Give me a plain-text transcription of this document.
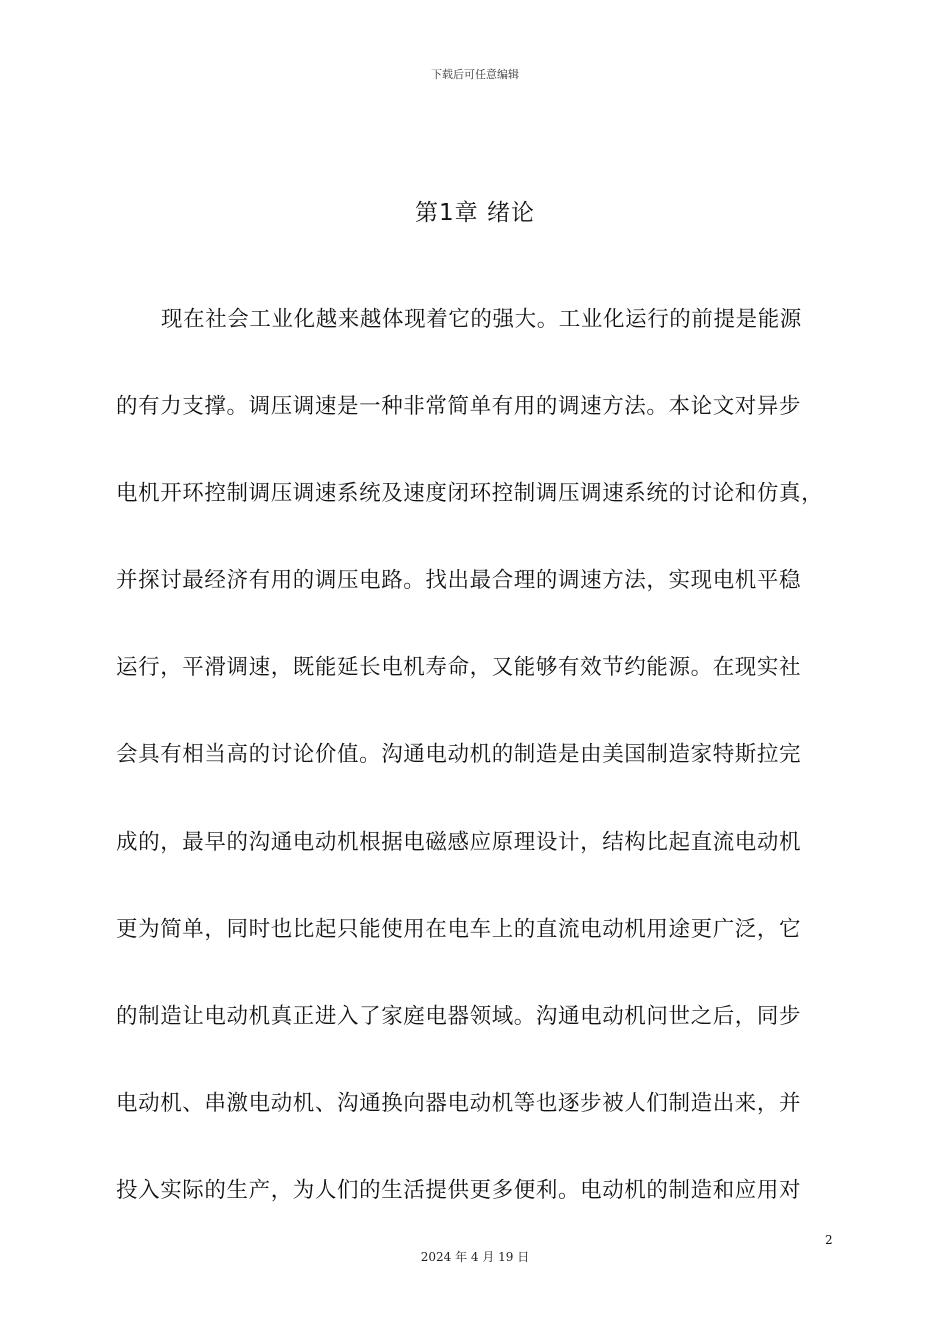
下载后可任意编辑
第1章 绪论
现在社会工业化越来越体现着它的强大。工业化运行的前提是能源
的有力支撑。调压调速是一种非常简单有用的调速方法。本论文对异步
电机开环控制调压调速系统及速度闭环控制调压调速系统的讨论和仿真，
并探讨最经济有用的调压电路。找出最合理的调速方法，实现电机平稳
运行，平滑调速，既能延长电机寿命，又能够有效节约能源。在现实社
会具有相当高的讨论价值。沟通电动机的制造是由美国制造家特斯拉完
成的，最早的沟通电动机根据电磁感应原理设计，结构比起直流电动机
更为简单，同时也比起只能使用在电车上的直流电动机用途更广泛，它
的制造让电动机真正进入了家庭电器领域。沟通电动机问世之后，同步
电动机、串激电动机、沟通换向器电动机等也逐步被人们制造出来，并
投入实际的生产，为人们的生活提供更多便利。电动机的制造和应用对
2
2024 年 4 月 19 日
